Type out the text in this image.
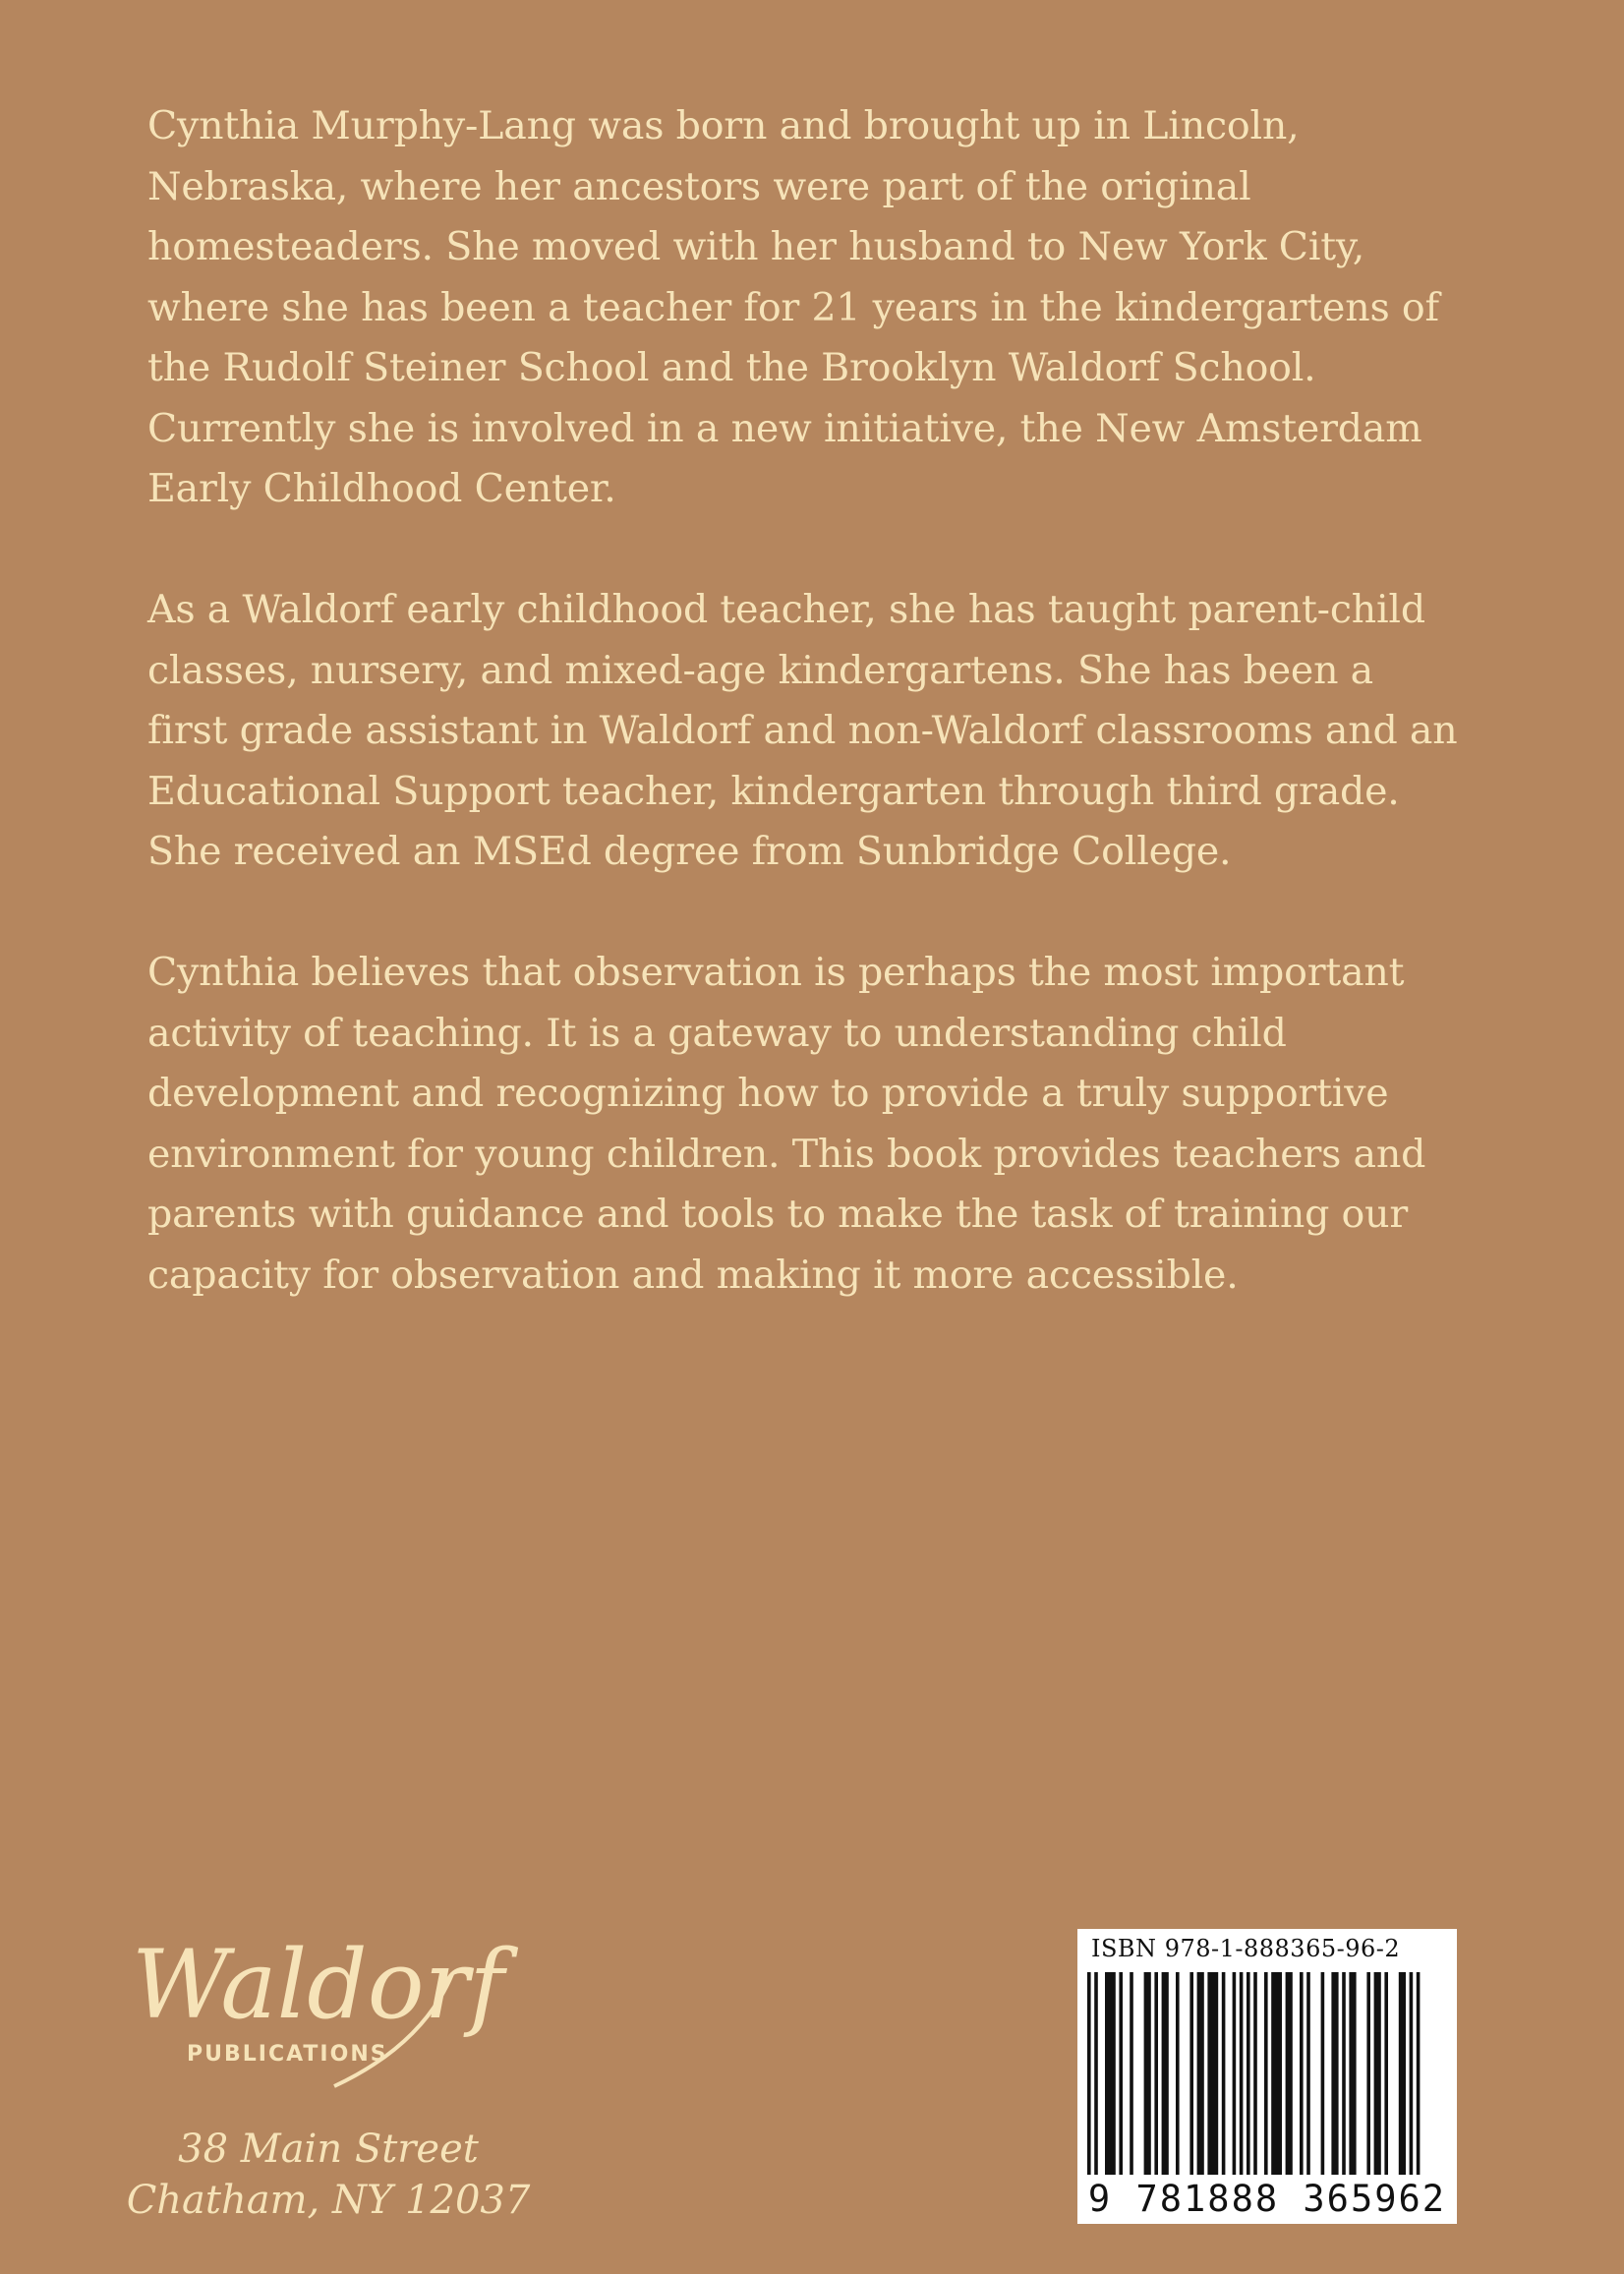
Cynthia Murphy-Lang was born and brought up in Lincoln, Nebraska, where her ancestors were part of the original homesteaders. She moved with her husband to New York City, where she has been a teacher for 21 years in the kindergartens of the Rudolf Steiner School and the Brooklyn Waldorf School. Currently she is involved in a new initiative, the New Amsterdam Early Childhood Center.

As a Waldorf early childhood teacher, she has taught parent-child classes, nursery, and mixed-age kindergartens. She has been a first grade assistant in Waldorf and non-Waldorf classrooms and an Educational Support teacher, kindergarten through third grade. She received an MSEd degree from Sunbridge College.

Cynthia believes that observation is perhaps the most important activity of teaching. It is a gateway to understanding child development and recognizing how to provide a truly supportive environment for young children. This book provides teachers and parents with guidance and tools to make the task of training our capacity for observation and making it more accessible.

Waldorf
PUBLICATIONS
38 Main Street
Chatham, NY 12037
ISBN 978-1-888365-96-2
9 781888 365962
